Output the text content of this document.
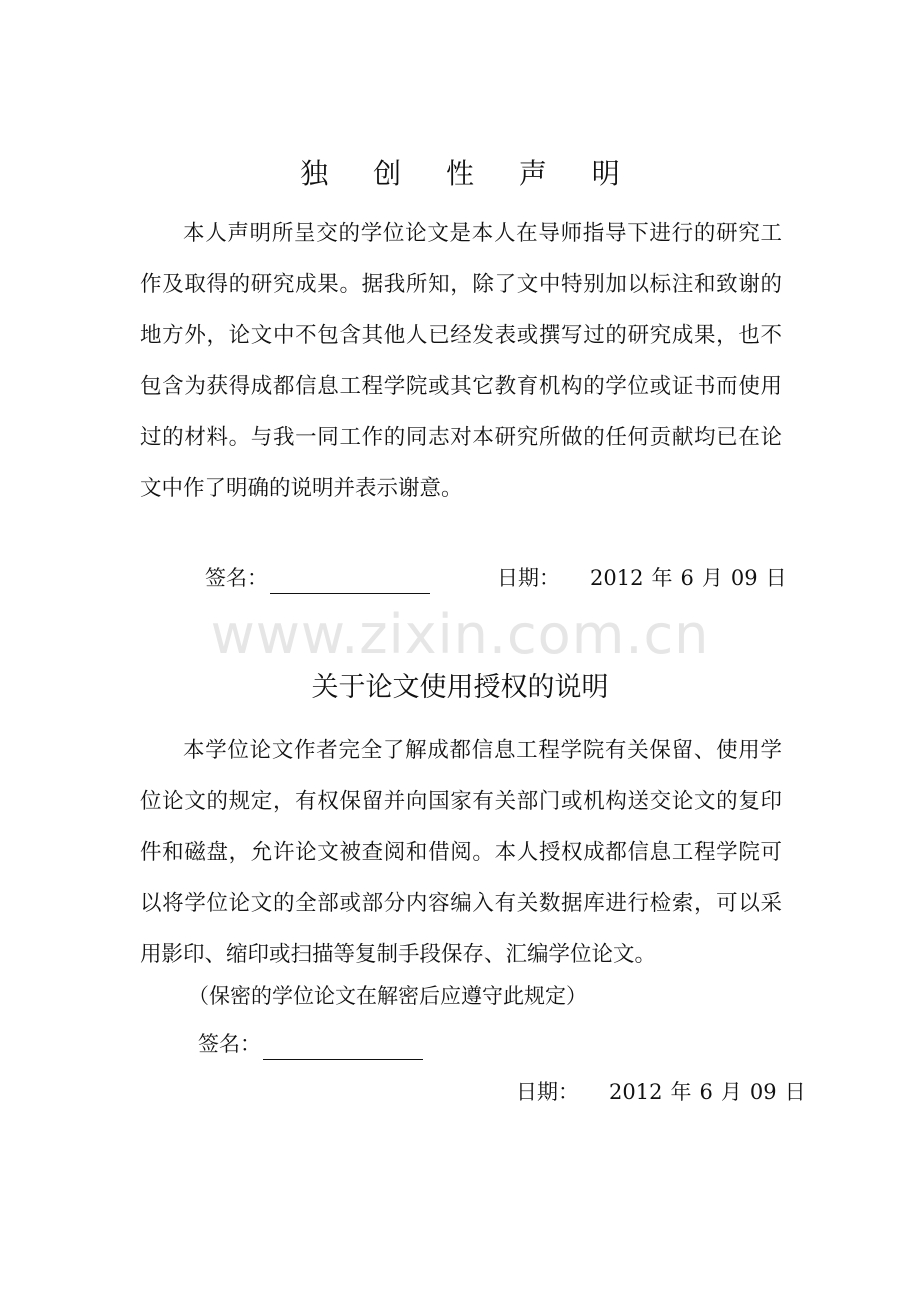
独 创 性 声 明

本人声明所呈交的学位论文是本人在导师指导下进行的研究工作及取得的研究成果。据我所知，除了文中特别加以标注和致谢的地方外，论文中不包含其他人已经发表或撰写过的研究成果，也不包含为获得成都信息工程学院或其它教育机构的学位或证书而使用过的材料。与我一同工作的同志对本研究所做的任何贡献均已在论文中作了明确的说明并表示谢意。

签名：	日期： 2012 年 6 月 09 日
www.zixin.com.cn
关于论文使用授权的说明

本学位论文作者完全了解成都信息工程学院有关保留、使用学位论文的规定，有权保留并向国家有关部门或机构送交论文的复印件和磁盘，允许论文被查阅和借阅。本人授权成都信息工程学院可以将学位论文的全部或部分内容编入有关数据库进行检索，可以采用影印、缩印或扫描等复制手段保存、汇编学位论文。

（保密的学位论文在解密后应遵守此规定）
签名：
日期： 2012 年 6 月 09 日
